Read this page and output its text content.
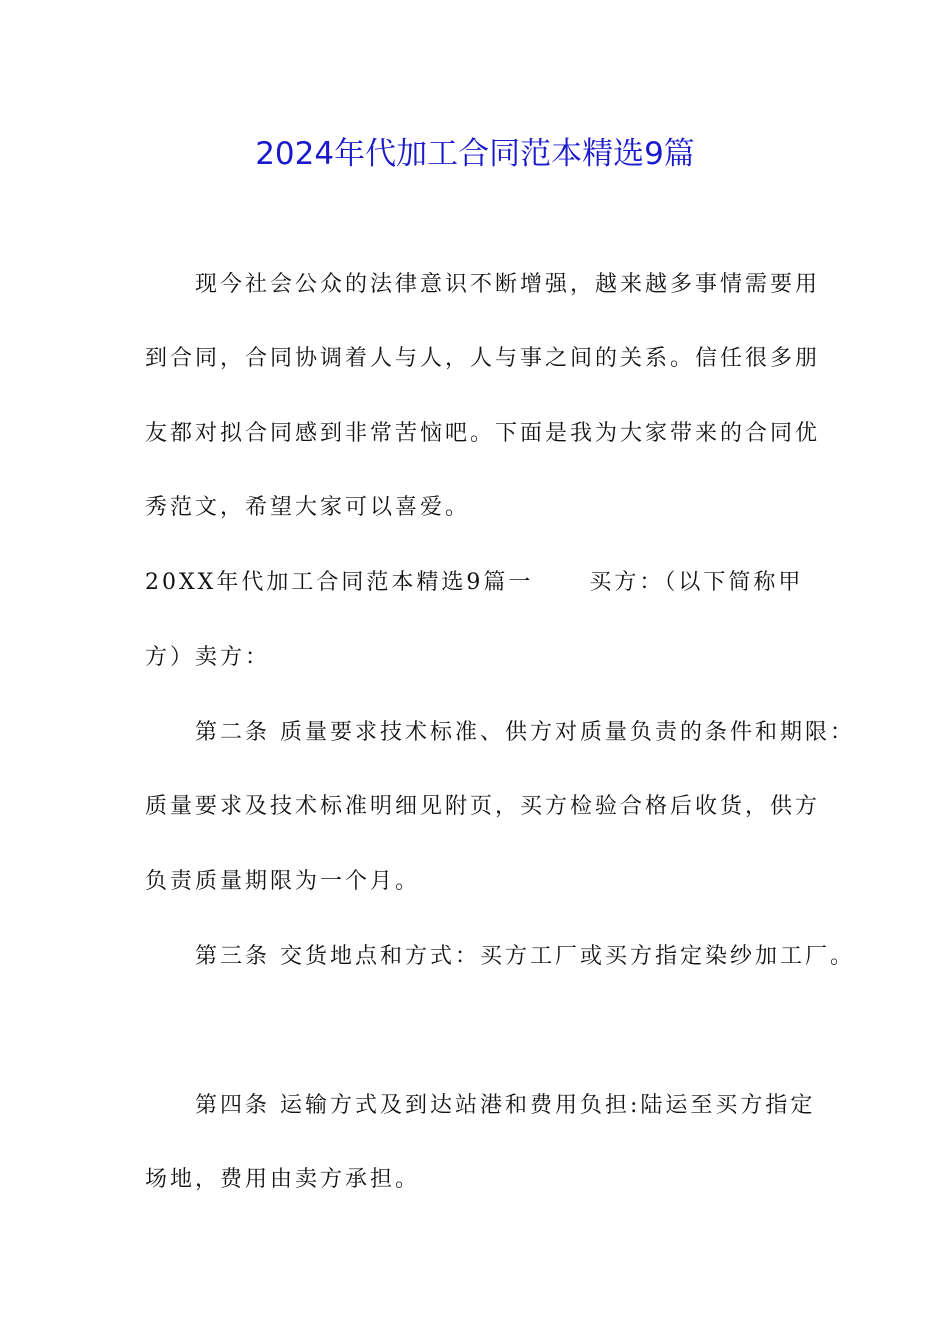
2024年代加工合同范本精选9篇

现今社会公众的法律意识不断增强，越来越多事情需要用

到合同，合同协调着人与人，人与事之间的关系。信任很多朋

友都对拟合同感到非常苦恼吧。下面是我为大家带来的合同优

秀范文，希望大家可以喜爱。

20XX年代加工合同范本精选9篇一	买方：（以下简称甲

方）卖方：

第二条 质量要求技术标准、供方对质量负责的条件和期限：

质量要求及技术标准明细见附页，买方检验合格后收货，供方

负责质量期限为一个月。

第三条 交货地点和方式：买方工厂或买方指定染纱加工厂。

第四条 运输方式及到达站港和费用负担:陆运至买方指定

场地，费用由卖方承担。
